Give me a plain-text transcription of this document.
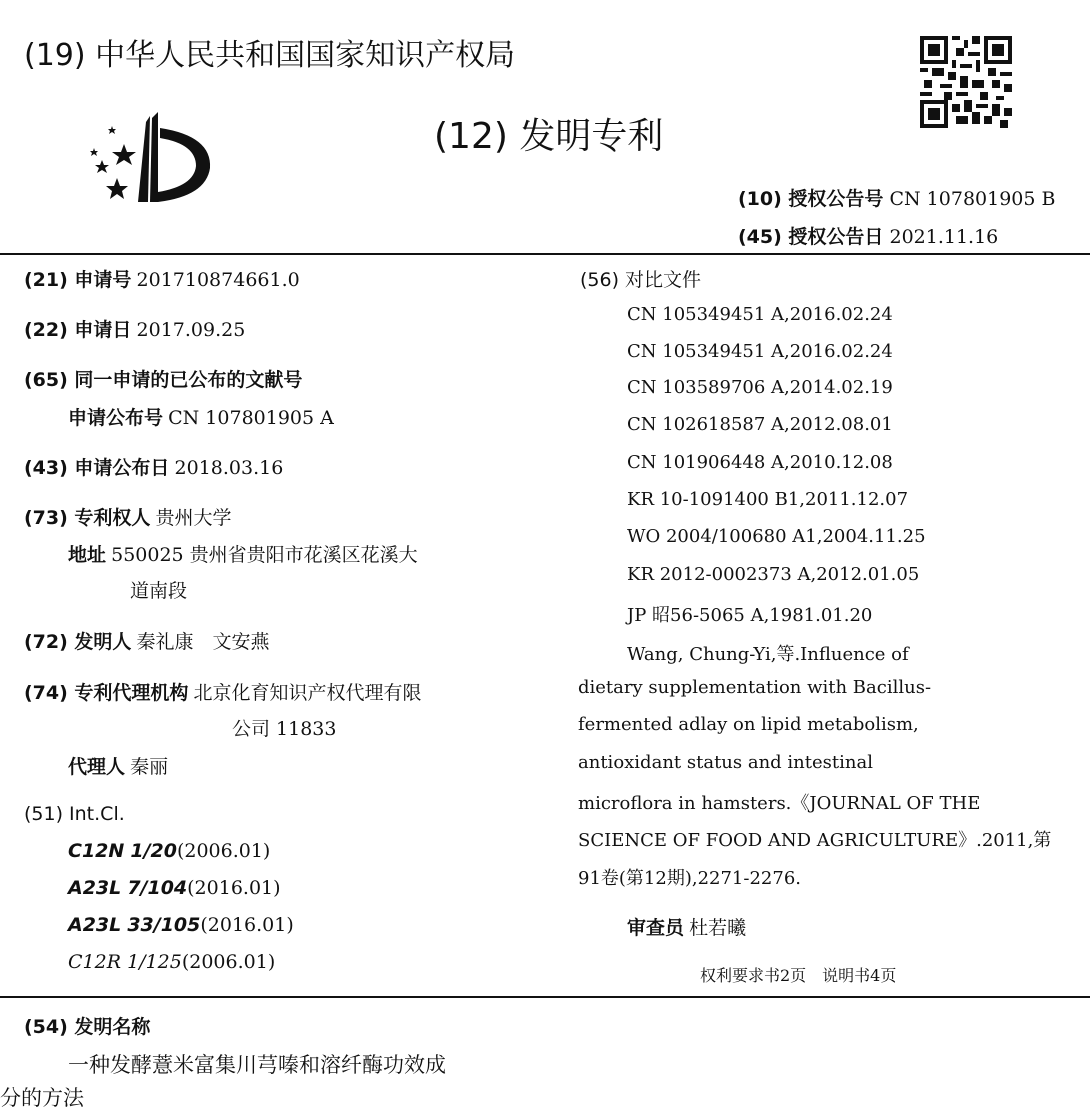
(19) 中华人民共和国国家知识产权局
(12) 发明专利
(10) 授权公告号 CN 107801905 B
(45) 授权公告日 2021.11.16
(21) 申请号 201710874661.0
(22) 申请日 2017.09.25
(65) 同一申请的已公布的文献号
申请公布号 CN 107801905 A
(43) 申请公布日 2018.03.16
(73) 专利权人 贵州大学
地址 550025 贵州省贵阳市花溪区花溪大
道南段
(72) 发明人 秦礼康　文安燕
(74) 专利代理机构 北京化育知识产权代理有限
公司 11833
代理人 秦丽
(51) Int.Cl.
C12N 1/20(2006.01)
A23L 7/104(2016.01)
A23L 33/105(2016.01)
C12R 1/125(2006.01)
(56) 对比文件
CN 105349451 A,2016.02.24
CN 105349451 A,2016.02.24
CN 103589706 A,2014.02.19
CN 102618587 A,2012.08.01
CN 101906448 A,2010.12.08
KR 10-1091400 B1,2011.12.07
WO 2004/100680 A1,2004.11.25
KR 2012-0002373 A,2012.01.05
JP 昭56-5065 A,1981.01.20
Wang, Chung-Yi,等.Influence of
dietary supplementation with Bacillus-
fermented adlay on lipid metabolism,
antioxidant status and intestinal
microflora in hamsters.《JOURNAL OF THE
SCIENCE OF FOOD AND AGRICULTURE》.2011,第
91卷(第12期),2271-2276.
审查员 杜若曦
权利要求书2页　说明书4页
(54) 发明名称
一种发酵薏米富集川芎嗪和溶纤酶功效成
分的方法
